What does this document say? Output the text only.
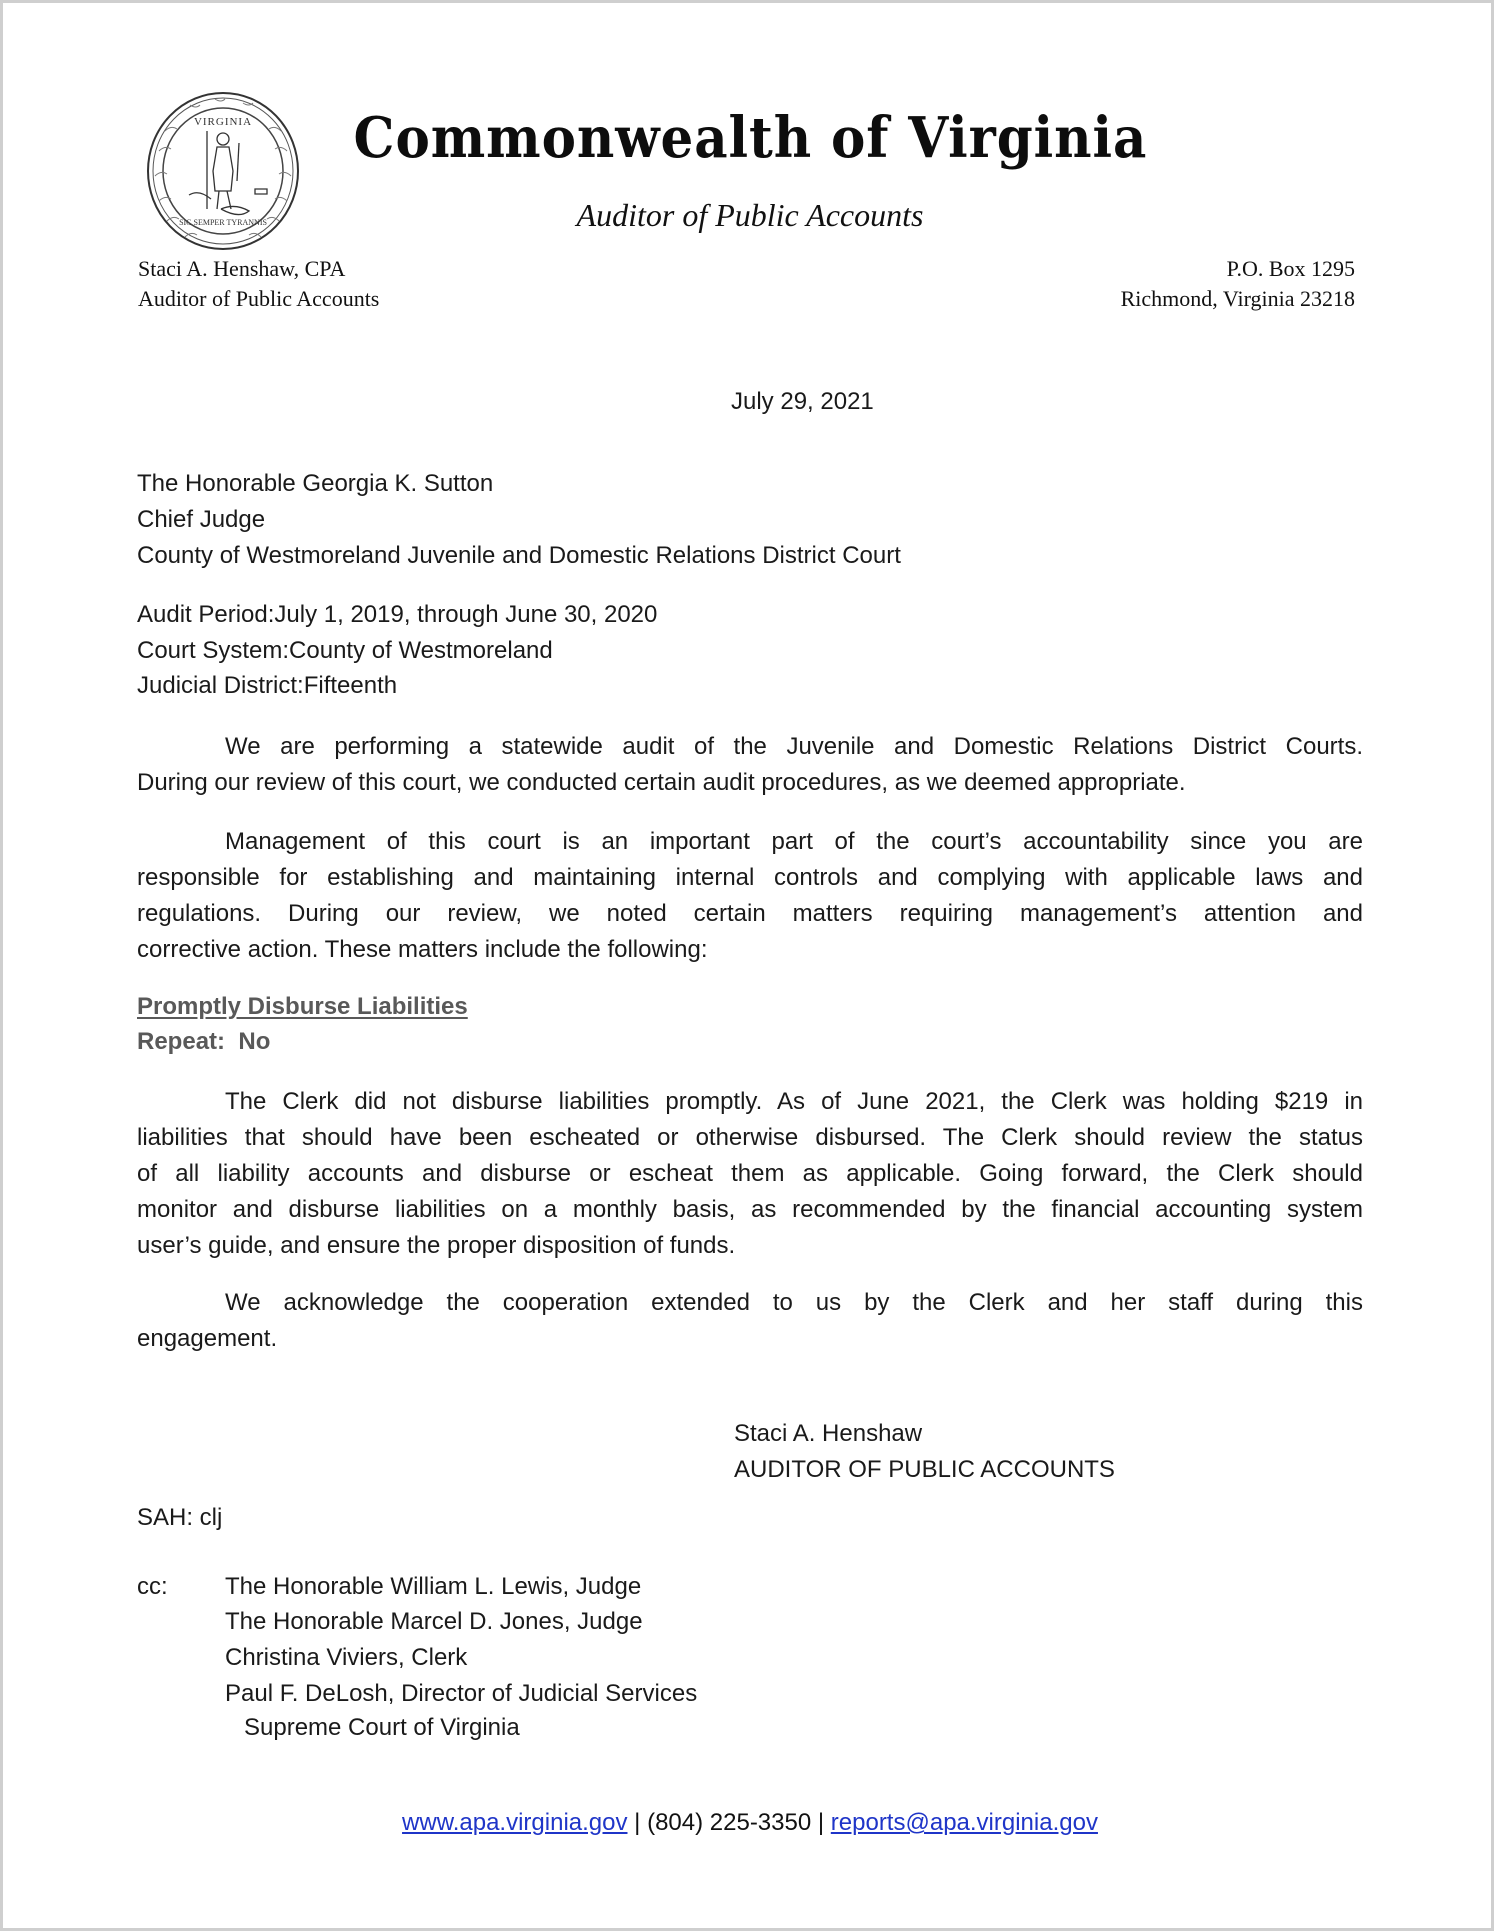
VIRGINIA
SIC SEMPER TYRANNIS
Commonwealth of Virginia
Auditor of Public Accounts
Staci A. Henshaw, CPA
Auditor of Public Accounts
P.O. Box 1295
Richmond, Virginia 23218
July 29, 2021
The Honorable Georgia K. Sutton
Chief Judge
County of Westmoreland Juvenile and Domestic Relations District Court
Audit Period:July 1, 2019, through June 30, 2020
Court System:County of Westmoreland
Judicial District:Fifteenth
We are performing a statewide audit of the Juvenile and Domestic Relations District Courts.
During our review of this court, we conducted certain audit procedures, as we deemed appropriate.
Management of this court is an important part of the court’s accountability since you are
responsible for establishing and maintaining internal controls and complying with applicable laws and
regulations. During our review, we noted certain matters requiring management’s attention and
corrective action. These matters include the following:
Promptly Disburse Liabilities
Repeat:  No
The Clerk did not disburse liabilities promptly. As of June 2021, the Clerk was holding $219 in
liabilities that should have been escheated or otherwise disbursed. The Clerk should review the status
of all liability accounts and disburse or escheat them as applicable. Going forward, the Clerk should
monitor and disburse liabilities on a monthly basis, as recommended by the financial accounting system
user’s guide, and ensure the proper disposition of funds.
We acknowledge the cooperation extended to us by the Clerk and her staff during this
engagement.
Staci A. Henshaw
AUDITOR OF PUBLIC ACCOUNTS
SAH: clj
cc: The Honorable William L. Lewis, Judge
The Honorable Marcel D. Jones, Judge
Christina Viviers, Clerk
Paul F. DeLosh, Director of Judicial Services
Supreme Court of Virginia
www.apa.virginia.gov | (804) 225-3350 | reports@apa.virginia.gov
